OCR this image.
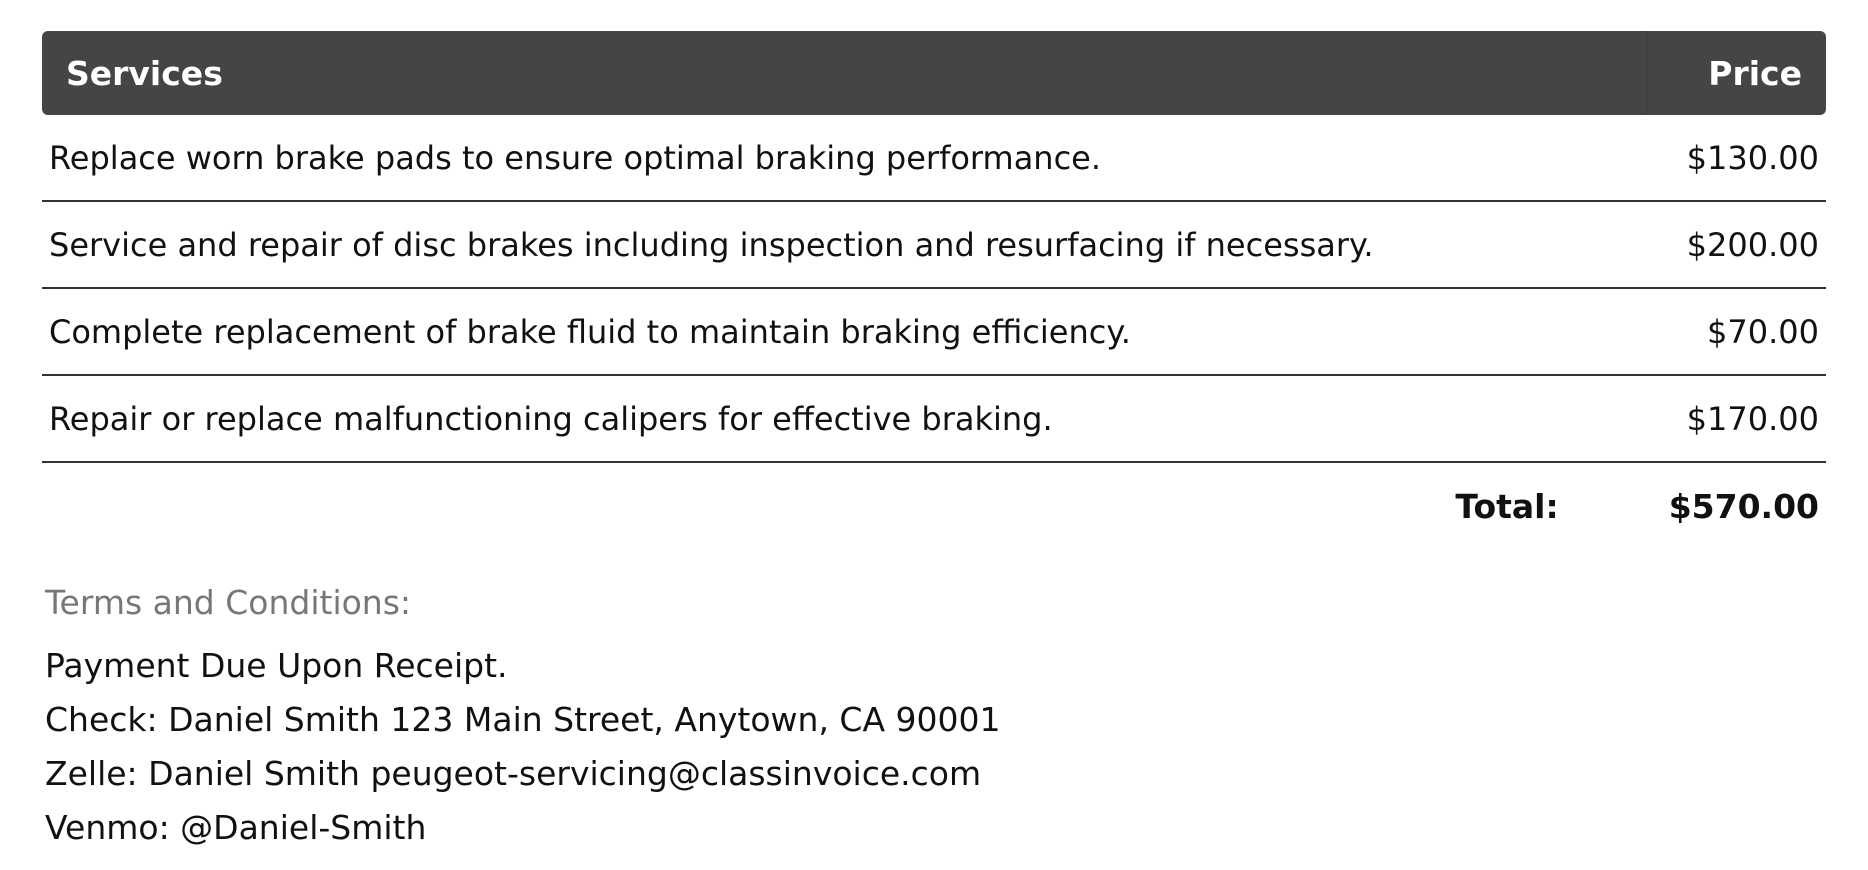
Services	Price
Replace worn brake pads to ensure optimal braking performance.	$130.00
Service and repair of disc brakes including inspection and resurfacing if necessary.	$200.00
Complete replacement of brake fluid to maintain braking efficiency.	$70.00
Repair or replace malfunctioning calipers for effective braking.	$170.00
Total:	$570.00
Terms and Conditions:
Payment Due Upon Receipt.
Check: Daniel Smith 123 Main Street, Anytown, CA 90001
Zelle: Daniel Smith peugeot-servicing@classinvoice.com
Venmo: @Daniel-Smith
